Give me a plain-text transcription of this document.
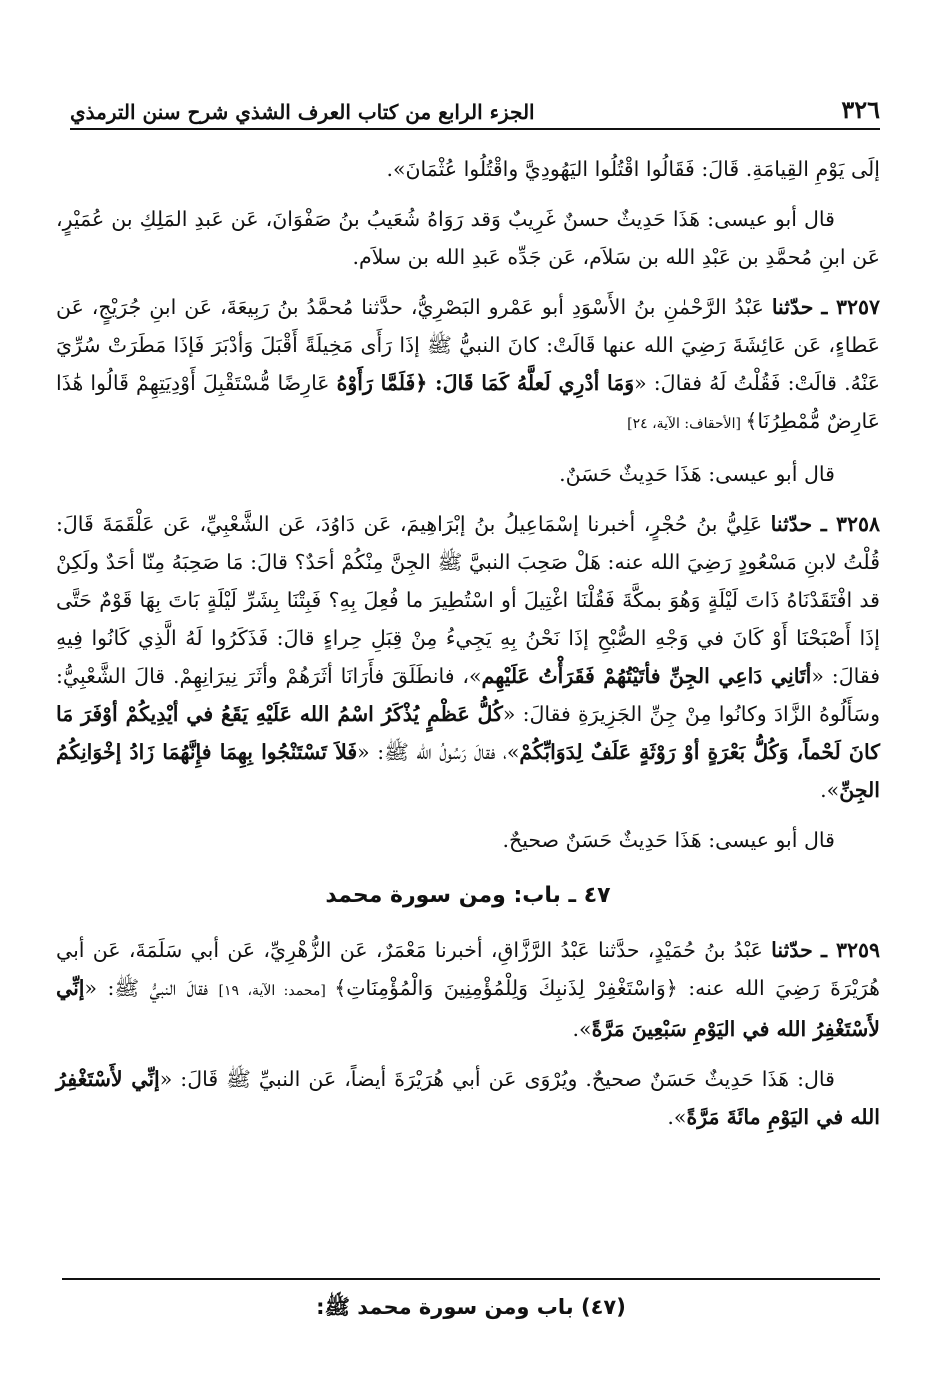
٣٢٦
الجزء الرابع من كتاب العرف الشذي شرح سنن الترمذي

إلَى يَوْمِ القِيامَةِ. قَالَ: فَقَالُوا اقْتُلُوا اليَهُودِيَّ واقْتُلُوا عُثْمَانَ».

قال أبو عيسى: هَذَا حَدِيثٌ حسنٌ غَرِيبٌ وَقد رَوَاهُ شُعَيبُ بنُ صَفْوَانَ، عَن عَبدِ المَلِكِ بن عُمَيْرٍ، عَن ابنِ مُحمَّدِ بن عَبْدِ الله بن سَلاَم، عَن جَدِّه عَبدِ الله بن سلاَم.

٣٢٥٧ ـ حدّثنا عَبْدُ الرَّحْمٰنِ بنُ الأَسْوَدِ أبو عَمْرو البَصْرِيُّ، حدَّثنا مُحمَّدُ بنُ رَبِيعَةَ، عَن ابنِ جُرَيْجٍ، عَن عَطاءٍ، عَن عَائِشَةَ رَضِيَ الله عنها قَالَتْ: كانَ النبيُّ ﷺ إذَا رَأَى مَخِيلَةً أَقْبَلَ وَأدْبَرَ فَإذَا مَطَرَتْ سُرِّيَ عَنْهُ. قالَتْ: فَقُلْتُ لَهُ فقالَ: «وَمَا أدْرِي لَعلَّهُ كَمَا قَالَ: ﴿فَلَمَّا رَأَوْهُ عَارِضًا مُّسْتَقْبِلَ أَوْدِيَتِهِمْ قَالُوا هَٰذَا عَارِضٌ مُّمْطِرُنَا﴾ [الأحقاف: الآية، ٢٤]

قال أبو عيسى: هَذَا حَدِيثٌ حَسَنٌ.

٣٢٥٨ ـ حدّثنا عَلِيُّ بنُ حُجْرٍ، أخبرنا إسْمَاعِيلُ بنُ إبْرَاهِيمَ، عَن دَاوُدَ، عَن الشَّعْبِيِّ، عَن عَلْقَمَةَ قَالَ: قُلْتُ لابنِ مَسْعُودٍ رَضِيَ الله عنه: هَلْ صَحِبَ النبيَّ ﷺ الجِنَّ مِنْكُمْ أحَدٌ؟ قالَ: مَا صَحِبَهُ مِنّا أحَدٌ ولَكِنْ قد افْتَقَدْنَاهُ ذَاتَ لَيْلَةٍ وَهُوَ بمكَّةَ فَقُلْنَا اغْتِيلَ أو اسْتُطِيرَ ما فُعِلَ بِهِ؟ فَبِتْنَا بِشَرِّ لَيْلَةٍ بَاتَ بِهَا قَوْمٌ حَتَّى إذَا أَصْبَحْنَا أَوْ كَانَ في وَجْهِ الصُّبْحِ إذَا نَحْنُ بِهِ يَجِيءُ مِنْ قِبَلِ حِراءٍ قالَ: فَذَكَرُوا لَهُ الَّذِي كَانُوا فِيهِ فقالَ: «أتَانِي دَاعِي الجِنِّ فأتَيْتُهُمْ فَقَرَأْتُ عَلَيْهِم»، فانطَلَقَ فأَرَانَا أثَرَهُمْ وأثَرَ نِيرَانِهِمْ. قالَ الشَّعْبِيُّ: وسَأَلُوهُ الزَّادَ وكانُوا مِنْ جِنِّ الجَزِيرَةِ فقالَ: «كُلُّ عَظْمٍ يُذْكَرُ اسْمُ الله عَلَيْهِ يَقَعُ في أيْدِيكُمْ أوْفَرَ مَا كانَ لَحْماً، وَكُلُّ بَعْرَةٍ أوْ رَوْثَةٍ عَلَفٌ لِدَوَابِّكُمْ»، فقالَ رَسُولُ الله ﷺ: «فَلاَ تَسْتَنْجُوا بِهِمَا فإِنَّهُمَا زَادُ إخْوَانِكُمُ الجِنِّ».

قال أبو عيسى: هَذَا حَدِيثٌ حَسَنٌ صحيحٌ.

٤٧ ـ باب: ومن سورة محمد

٣٢٥٩ ـ حدّثنا عَبْدُ بنُ حُمَيْدٍ، حدَّثنا عَبْدُ الرَّزَّاقِ، أخبرنا مَعْمَرٌ، عَن الزُّهْرِيِّ، عَن أبي سَلَمَةَ، عَن أبي هُرَيْرَةَ رَضِيَ الله عنه: ﴿وَاسْتَغْفِرْ لِذَنبِكَ وَلِلْمُؤْمِنِينَ وَالْمُؤْمِنَاتِ﴾ [محمد: الآية، ١٩] فقالَ النبيُّ ﷺ: «إنِّي لأَسْتَغْفِرُ الله في اليَوْمِ سَبْعِينَ مَرَّةً».

قال: هَذَا حَدِيثٌ حَسَنٌ صحيحٌ. ويُرْوَى عَن أبي هُرَيْرَةَ أيضاً، عَن النبيِّ ﷺ قَالَ: «إنِّي لأَسْتَغْفِرُ الله في اليَوْمِ مائَةَ مَرَّةً».

(٤٧) باب ومن سورة محمد ﷺ:
